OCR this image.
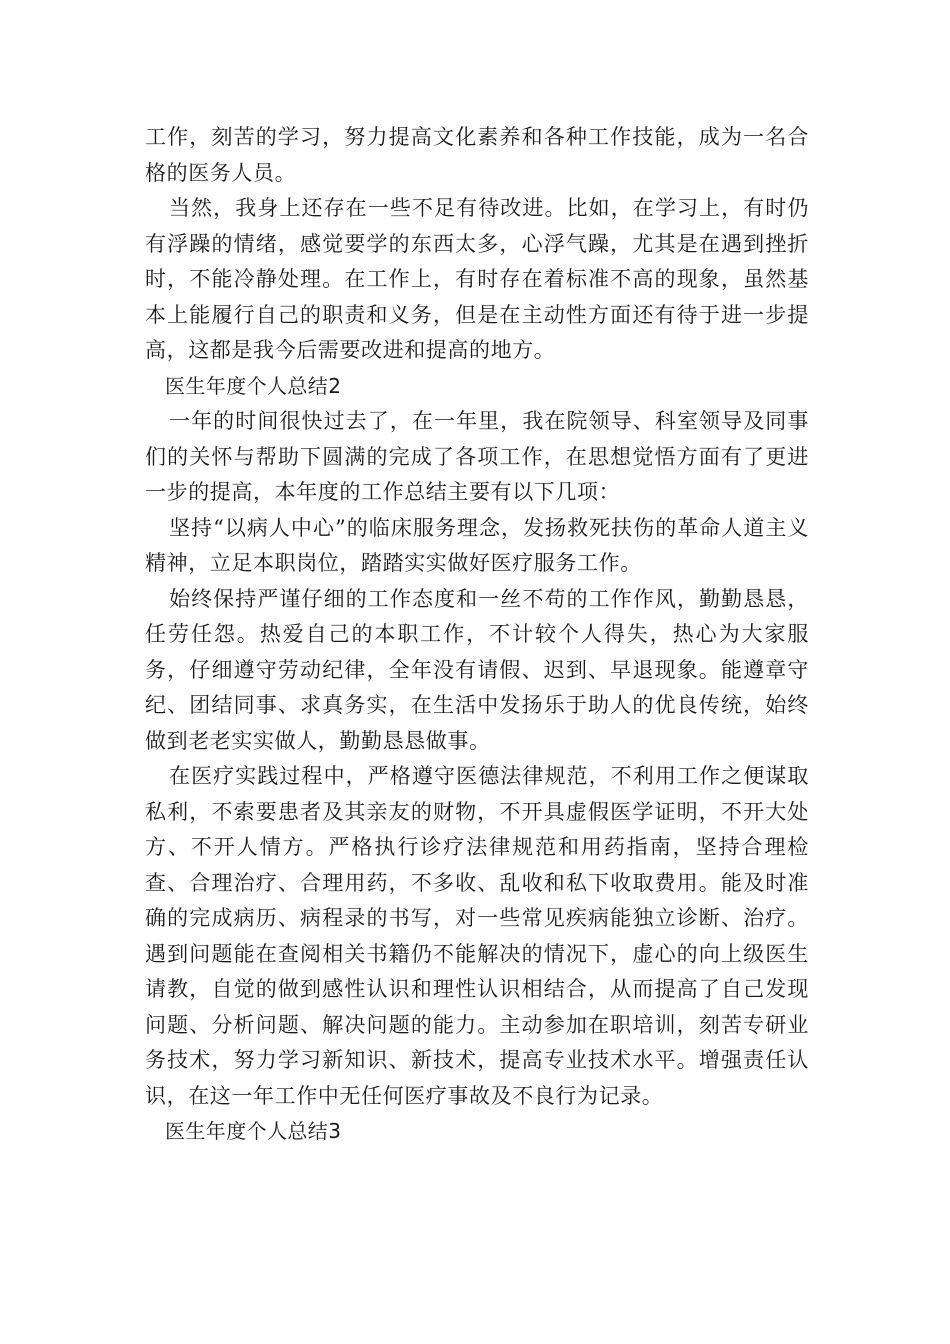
工作，刻苦的学习，努力提高文化素养和各种工作技能，成为一名合格的医务人员。

当然，我身上还存在一些不足有待改进。比如，在学习上，有时仍有浮躁的情绪，感觉要学的东西太多，心浮气躁，尤其是在遇到挫折时，不能冷静处理。在工作上，有时存在着标准不高的现象，虽然基本上能履行自己的职责和义务，但是在主动性方面还有待于进一步提高，这都是我今后需要改进和提高的地方。

医生年度个人总结2

一年的时间很快过去了，在一年里，我在院领导、科室领导及同事们的关怀与帮助下圆满的完成了各项工作，在思想觉悟方面有了更进一步的提高，本年度的工作总结主要有以下几项：

坚持“以病人中心”的临床服务理念，发扬救死扶伤的革命人道主义精神，立足本职岗位，踏踏实实做好医疗服务工作。

始终保持严谨仔细的工作态度和一丝不苟的工作作风，勤勤恳恳，任劳任怨。热爱自己的本职工作，不计较个人得失，热心为大家服务，仔细遵守劳动纪律，全年没有请假、迟到、早退现象。能遵章守纪、团结同事、求真务实，在生活中发扬乐于助人的优良传统，始终做到老老实实做人，勤勤恳恳做事。

在医疗实践过程中，严格遵守医德法律规范，不利用工作之便谋取私利，不索要患者及其亲友的财物，不开具虚假医学证明，不开大处方、不开人情方。严格执行诊疗法律规范和用药指南，坚持合理检查、合理治疗、合理用药，不多收、乱收和私下收取费用。能及时准确的完成病历、病程录的书写，对一些常见疾病能独立诊断、治疗。遇到问题能在查阅相关书籍仍不能解决的情况下，虚心的向上级医生请教，自觉的做到感性认识和理性认识相结合，从而提高了自己发现问题、分析问题、解决问题的能力。主动参加在职培训，刻苦专研业务技术，努力学习新知识、新技术，提高专业技术水平。增强责任认识，在这一年工作中无任何医疗事故及不良行为记录。

医生年度个人总结3
